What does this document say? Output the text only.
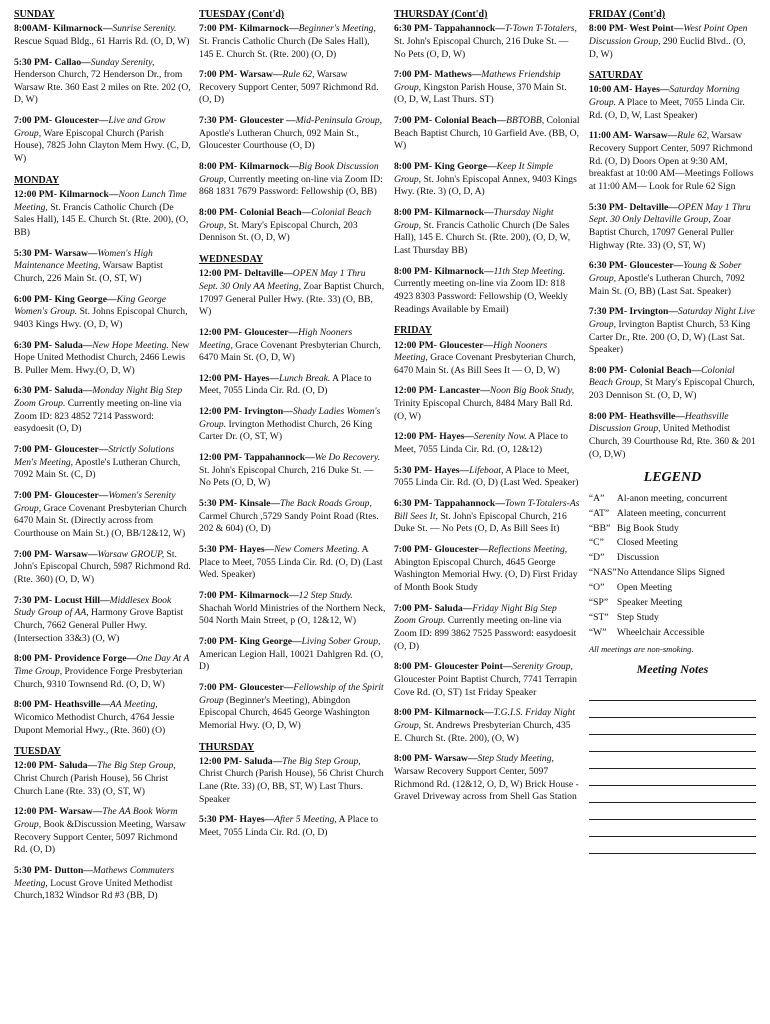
SUNDAY
8:00AM- Kilmarnock—Sunrise Serenity. Rescue Squad Bldg., 61 Harris Rd. (O, D, W)
5:30 PM- Callao—Sunday Serenity, Henderson Church, 72 Henderson Dr., from Warsaw Rte. 360 East 2 miles on Rte. 202 (O, D, W)
7:00 PM- Gloucester—Live and Grow Group, Ware Episcopal Church (Parish House), 7825 John Clayton Mem Hwy. (C, D, W)
MONDAY
12:00 PM- Kilmarnock—Noon Lunch Time Meeting, St. Francis Catholic Church (De Sales Hall), 145 E. Church St. (Rte. 200), (O, BB)
5:30 PM- Warsaw—Women's High Maintenance Meeting, Warsaw Baptist Church, 226 Main St. (O, ST, W)
6:00 PM- King George—King George Women's Group. St. Johns Episcopal Church, 9403 Kings Hwy. (O, D, W)
6:30 PM- Saluda—New Hope Meeting. New Hope United Methodist Church, 2466 Lewis B. Puller Mem. Hwy.(O, D, W)
6:30 PM- Saluda—Monday Night Big Step Zoom Group. Currently meeting on-line via Zoom ID: 823 4852 7214 Password: easydoesit (O, D)
7:00 PM- Gloucester—Strictly Solutions Men's Meeting, Apostle's Lutheran Church, 7092 Main St. (C, D)
7:00 PM- Gloucester—Women's Serenity Group, Grace Covenant Presbyterian Church 6470 Main St. (Directly across from Courthouse on Main St.) (O, BB/12&12, W)
7:00 PM- Warsaw—Warsaw GROUP, St. John's Episcopal Church, 5987 Richmond Rd. (Rte. 360) (O, D, W)
7:30 PM- Locust Hill—Middlesex Book Study Group of AA, Harmony Grove Baptist Church, 7662 General Puller Hwy. (Intersection 33&3) (O, W)
8:00 PM- Providence Forge—One Day At A Time Group, Providence Forge Presbyterian Church, 9310 Townsend Rd. (O, D, W)
8:00 PM- Heathsville—AA Meeting, Wicomico Methodist Church, 4764 Jessie Dupont Memorial Hwy., (Rte. 360) (O)
TUESDAY
12:00 PM- Saluda—The Big Step Group, Christ Church (Parish House), 56 Christ Church Lane (Rte. 33) (O, ST, W)
12:00 PM- Warsaw—The AA Book Worm Group, Book &Discussion Meeting, Warsaw Recovery Support Center, 5097 Richmond Rd. (O, D)
5:30 PM- Dutton—Mathews Commuters Meeting, Locust Grove United Methodist Church,1832 Windsor Rd #3 (BB, D)
TUESDAY (Cont'd)
7:00 PM- Kilmarnock—Beginner's Meeting, St. Francis Catholic Church (De Sales Hall), 145 E. Church St. (Rte. 200) (O, D)
7:00 PM- Warsaw—Rule 62, Warsaw Recovery Support Center, 5097 Richmond Rd. (O, D)
7:30 PM- Gloucester —Mid-Peninsula Group, Apostle's Lutheran Church, 092 Main St., Gloucester Courthouse (O, D)
8:00 PM- Kilmarnock—Big Book Discussion Group, Currently meeting on-line via Zoom ID: 868 1831 7679 Password: Fellowship (O, BB)
8:00 PM- Colonial Beach—Colonial Beach Group, St. Mary's Episcopal Church, 203 Dennison St. (O, D, W)
WEDNESDAY
12:00 PM- Deltaville—OPEN May 1 Thru Sept. 30 Only AA Meeting, Zoar Baptist Church, 17097 General Puller Hwy. (Rte. 33) (O, BB, W)
12:00 PM- Gloucester—High Nooners Meeting, Grace Covenant Presbyterian Church, 6470 Main St. (O, D, W)
12:00 PM- Hayes—Lunch Break. A Place to Meet, 7055 Linda Cir. Rd. (O, D)
12:00 PM- Irvington—Shady Ladies Women's Group. Irvington Methodist Church, 26 King Carter Dr. (O, ST, W)
12:00 PM- Tappahannock—We Do Recovery. St. John's Episcopal Church, 216 Duke St. — No Pets (O, D, W)
5:30 PM- Kinsale—The Back Roads Group, Carmel Church ,5729 Sandy Point Road (Rtes. 202 & 604) (O, D)
5:30 PM- Hayes—New Comers Meeting. A Place to Meet, 7055 Linda Cir. Rd. (O, D) (Last Wed. Speaker)
7:00 PM- Kilmarnock—12 Step Study. Shachah World Ministries of the Northern Neck, 504 North Main Street, p (O, 12&12, W)
7:00 PM- King George—Living Sober Group, American Legion Hall, 10021 Dahlgren Rd. (O, D)
7:00 PM- Gloucester—Fellowship of the Spirit Group (Beginner's Meeting), Abingdon Episcopal Church, 4645 George Washington Memorial Hwy. (O, D, W)
THURSDAY
12:00 PM- Saluda—The Big Step Group, Christ Church (Parish House), 56 Christ Church Lane (Rte. 33) (O, BB, ST, W) Last Thurs. Speaker
5:30 PM- Hayes—After 5 Meeting, A Place to Meet, 7055 Linda Cir. Rd. (O, D)
THURSDAY (Cont'd)
6:30 PM- Tappahannock—T-Town T-Totalers, St. John's Episcopal Church, 216 Duke St. — No Pets (O, D, W)
7:00 PM- Mathews—Mathews Friendship Group, Kingston Parish House, 370 Main St. (O, D, W, Last Thurs. ST)
7:00 PM- Colonial Beach—BBTOBB, Colonial Beach Baptist Church, 10 Garfield Ave. (BB, O, W)
8:00 PM- King George—Keep It Simple Group, St. John's Episcopal Annex, 9403 Kings Hwy. (Rte. 3) (O, D, A)
8:00 PM- Kilmarnock—Thursday Night Group, St. Francis Catholic Church (De Sales Hall), 145 E. Church St. (Rte. 200), (O, D, W, Last Thursday BB)
8:00 PM- Kilmarnock—11th Step Meeting. Currently meeting on-line via Zoom ID: 818 4923 8303 Password: Fellowship (O, Weekly Readings Available by Email)
FRIDAY
12:00 PM- Gloucester—High Nooners Meeting, Grace Covenant Presbyterian Church, 6470 Main St. (As Bill Sees It — O, D, W)
12:00 PM- Lancaster—Noon Big Book Study, Trinity Episcopal Church, 8484 Mary Ball Rd. (O, W)
12:00 PM- Hayes—Serenity Now. A Place to Meet, 7055 Linda Cir. Rd. (O, 12&12)
5:30 PM- Hayes—Lifeboat, A Place to Meet, 7055 Linda Cir. Rd. (O, D) (Last Wed. Speaker)
6:30 PM- Tappahannock—Town T-Totalers-As Bill Sees It, St. John's Episcopal Church, 216 Duke St. — No Pets (O, D, As Bill Sees It)
7:00 PM- Gloucester—Reflections Meeting, Abington Episcopal Church, 4645 George Washington Memorial Hwy. (O, D) First Friday of Month Book Study
7:00 PM- Saluda—Friday Night Big Step Zoom Group. Currently meeting on-line via Zoom ID: 899 3862 7525 Password: easydoesit (O, D)
8:00 PM- Gloucester Point—Serenity Group, Gloucester Point Baptist Church, 7741 Terrapin Cove Rd. (O, ST) 1st Friday Speaker
8:00 PM- Kilmarnock—T.G.I.S. Friday Night Group, St. Andrews Presbyterian Church, 435 E. Church St. (Rte. 200), (O, W)
8:00 PM- Warsaw—Step Study Meeting, Warsaw Recovery Support Center, 5097 Richmond Rd. (12&12, O, D, W) Brick House -Gravel Driveway across from Shell Gas Station
FRIDAY (Cont'd)
8:00 PM- West Point—West Point Open Discussion Group, 290 Euclid Blvd.. (O, D, W)
SATURDAY
10:00 AM- Hayes—Saturday Morning Group. A Place to Meet, 7055 Linda Cir. Rd. (O, D, W, Last Speaker)
11:00 AM- Warsaw—Rule 62, Warsaw Recovery Support Center, 5097 Richmond Rd. (O, D) Doors Open at 9:30 AM, breakfast at 10:00 AM—Meetings Follows at 11:00 AM— Look for Rule 62 Sign
5:30 PM- Deltaville—OPEN May 1 Thru Sept. 30 Only Deltaville Group, Zoar Baptist Church, 17097 General Puller Highway (Rte. 33) (O, ST, W)
6:30 PM- Gloucester—Young & Sober Group, Apostle's Lutheran Church, 7092 Main St. (O, BB) (Last Sat. Speaker)
7:30 PM- Irvington—Saturday Night Live Group, Irvington Baptist Church, 53 King Carter Dr., Rte. 200 (O, D, W) (Last Sat. Speaker)
8:00 PM- Colonial Beach—Colonial Beach Group, St Mary's Episcopal Church, 203 Dennison St. (O, D, W)
8:00 PM- Heathsville—Heathsville Discussion Group, United Methodist Church, 39 Courthouse Rd, Rte. 360 & 201 (O, D,W)
LEGEND
“A”	Al-anon meeting, concurrent
“AT” Alateen meeting, concurrent
“BB” Big Book Study
“C”	Closed Meeting
“D”	Discussion
“NAS” No Attendance Slips Signed
“O”	Open Meeting
“SP” Speaker Meeting
“ST” Step Study
“W”	Wheelchair Accessible
All meetings are non-smoking.
Meeting Notes
